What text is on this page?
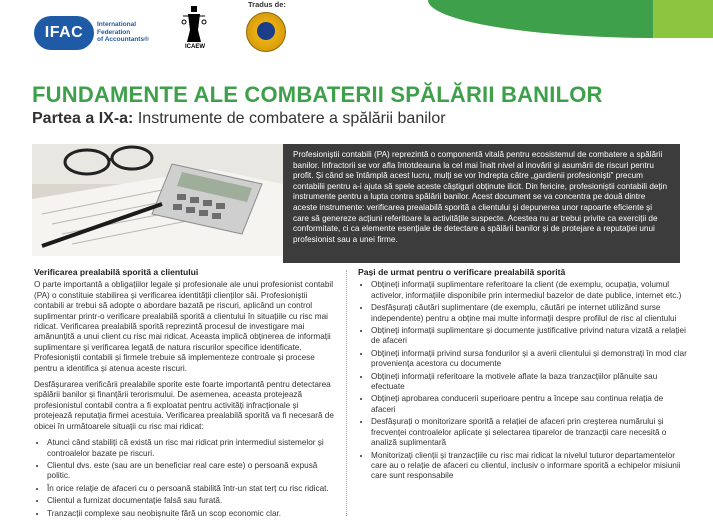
IFAC	International
Federation
of Accountants®
ICAEW
Tradus de:
FUNDAMENTE ALE COMBATERII SPĂLĂRII BANILOR
Partea a IX-a: Instrumente de combatere a spălării banilor

Profesioniștii contabili (PA) reprezintă o componentă vitală pentru ecosistemul de combatere a spălării banilor. Infractorii se vor afla întotdeauna la cel mai înalt nivel al inovării și asumării de riscuri pentru profit. Și când se întâmplă acest lucru, mulți se vor îndrepta către „gardienii profesioniști” precum contabilii pentru a-i ajuta să spele aceste câștiguri obținute ilicit. Din fericire, profesioniștii contabili dețin instrumente pentru a lupta contra spălării banilor. Acest document se va concentra pe două dintre aceste instrumente: verificarea prealabilă sporită a clientului și depunerea unor rapoarte eficiente și care să genereze acțiuni referitoare la activitățile suspecte. Acestea nu ar trebui privite ca exerciții de conformitate, ci ca elemente esențiale de detectare a spălării banilor și de protejare a reputației unui profesionist sau a unei firme.

Verificarea prealabilă sporită a clientului

O parte importantă a obligațiilor legale și profesionale ale unui profesionist contabil (PA) o constituie stabilirea și verificarea identității clienților săi. Profesioniștii contabili ar trebui să adopte o abordare bazată pe riscuri, aplicând un control suplimentar printr-o verificare prealabilă sporită a clientului în situațiile cu risc mai ridicat. Verificarea prealabilă sporită reprezintă procesul de investigare mai amănunțită a unui client cu risc mai ridicat. Aceasta implică obținerea de informații suplimentare și verificarea legată de natura riscurilor specifice identificate. Profesioniștii contabili și firmele trebuie să implementeze controale și procese pentru a identifica și atenua aceste riscuri.

Desfășurarea verificării prealabile sporite este foarte importantă pentru detectarea spălării banilor și finanțării terorismului. De asemenea, aceasta protejează profesionistul contabil contra a fi exploatat pentru activități infracționale și protejează reputația firmei acestuia. Verificarea prealabilă sporită va fi necesară de obicei în următoarele situații cu risc mai ridicat:

• Atunci când stabiliți că există un risc mai ridicat prin intermediul sistemelor și controalelor bazate pe riscuri.
• Clientul dvs. este (sau are un beneficiar real care este) o persoană expusă politic.
• În orice relație de afaceri cu o persoană stabilită într-un stat terț cu risc ridicat.
• Clientul a furnizat documentație falsă sau furată.
• Tranzacții complexe sau neobișnuite fără un scop economic clar.
Pași de urmat pentru o verificare prealabilă sporită
• Obțineți informații suplimentare referitoare la client (de exemplu, ocupația, volumul activelor, informațiile disponibile prin intermediul bazelor de date publice, internet etc.)
• Desfășurați căutări suplimentare (de exemplu, căutări pe internet utilizând surse independente) pentru a obține mai multe informații despre profilul de risc al clientului
• Obțineți informații suplimentare și documente justificative privind natura vizată a relației de afaceri
• Obțineți informații privind sursa fondurilor și a averii clientului și demonstrați în mod clar proveniența acestora cu documente
• Obțineți informații referitoare la motivele aflate la baza tranzacțiilor plănuite sau efectuate
• Obțineți aprobarea conducerii superioare pentru a începe sau continua relația de afaceri
• Desfășurați o monitorizare sporită a relației de afaceri prin creșterea numărului și frecvenței controalelor aplicate și selectarea tiparelor de tranzacții care necesită o analiză suplimentară
• Monitorizați clienții și tranzacțiile cu risc mai ridicat la nivelul tuturor departamentelor care au o relație de afaceri cu clientul, inclusiv o informare sporită a echipelor misiunii care sunt responsabile
